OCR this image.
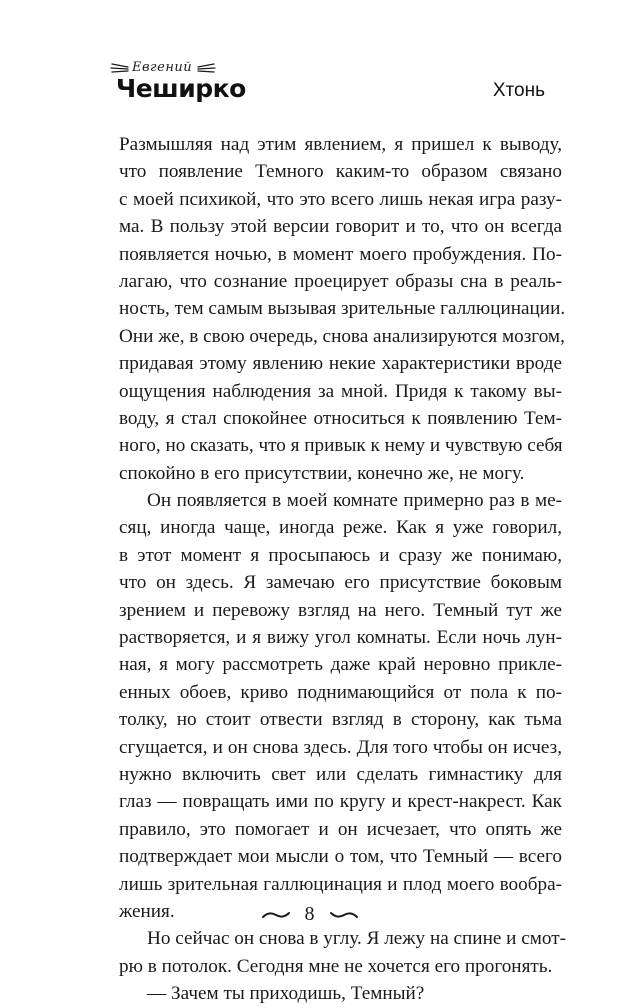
Евгений
Чеширко	Хтонь
Размышляя над этим явлением, я пришел к выводу,
что появление Темного каким-то образом связано
с моей психикой, что это всего лишь некая игра разу-
ма. В пользу этой версии говорит и то, что он всегда
появляется ночью, в момент моего пробуждения. По-
лагаю, что сознание проецирует образы сна в реаль-
ность, тем самым вызывая зрительные галлюцинации.
Они же, в свою очередь, снова анализируются мозгом,
придавая этому явлению некие характеристики вроде
ощущения наблюдения за мной. Придя к такому вы-
воду, я стал спокойнее относиться к появлению Тем-
ного, но сказать, что я привык к нему и чувствую себя
спокойно в его присутствии, конечно же, не могу.
Он появляется в моей комнате примерно раз в ме-
сяц, иногда чаще, иногда реже. Как я уже говорил,
в этот момент я просыпаюсь и сразу же понимаю,
что он здесь. Я замечаю его присутствие боковым
зрением и перевожу взгляд на него. Темный тут же
растворяется, и я вижу угол комнаты. Если ночь лун-
ная, я могу рассмотреть даже край неровно прикле-
енных обоев, криво поднимающийся от пола к по-
толку, но стоит отвести взгляд в сторону, как тьма
сгущается, и он снова здесь. Для того чтобы он исчез,
нужно включить свет или сделать гимнастику для
глаз — повращать ими по кругу и крест-накрест. Как
правило, это помогает и он исчезает, что опять же
подтверждает мои мысли о том, что Темный — всего
лишь зрительная галлюцинация и плод моего вообра-
жения.
Но сейчас он снова в углу. Я лежу на спине и смот-
рю в потолок. Сегодня мне не хочется его прогонять.
— Зачем ты приходишь, Темный?
8
